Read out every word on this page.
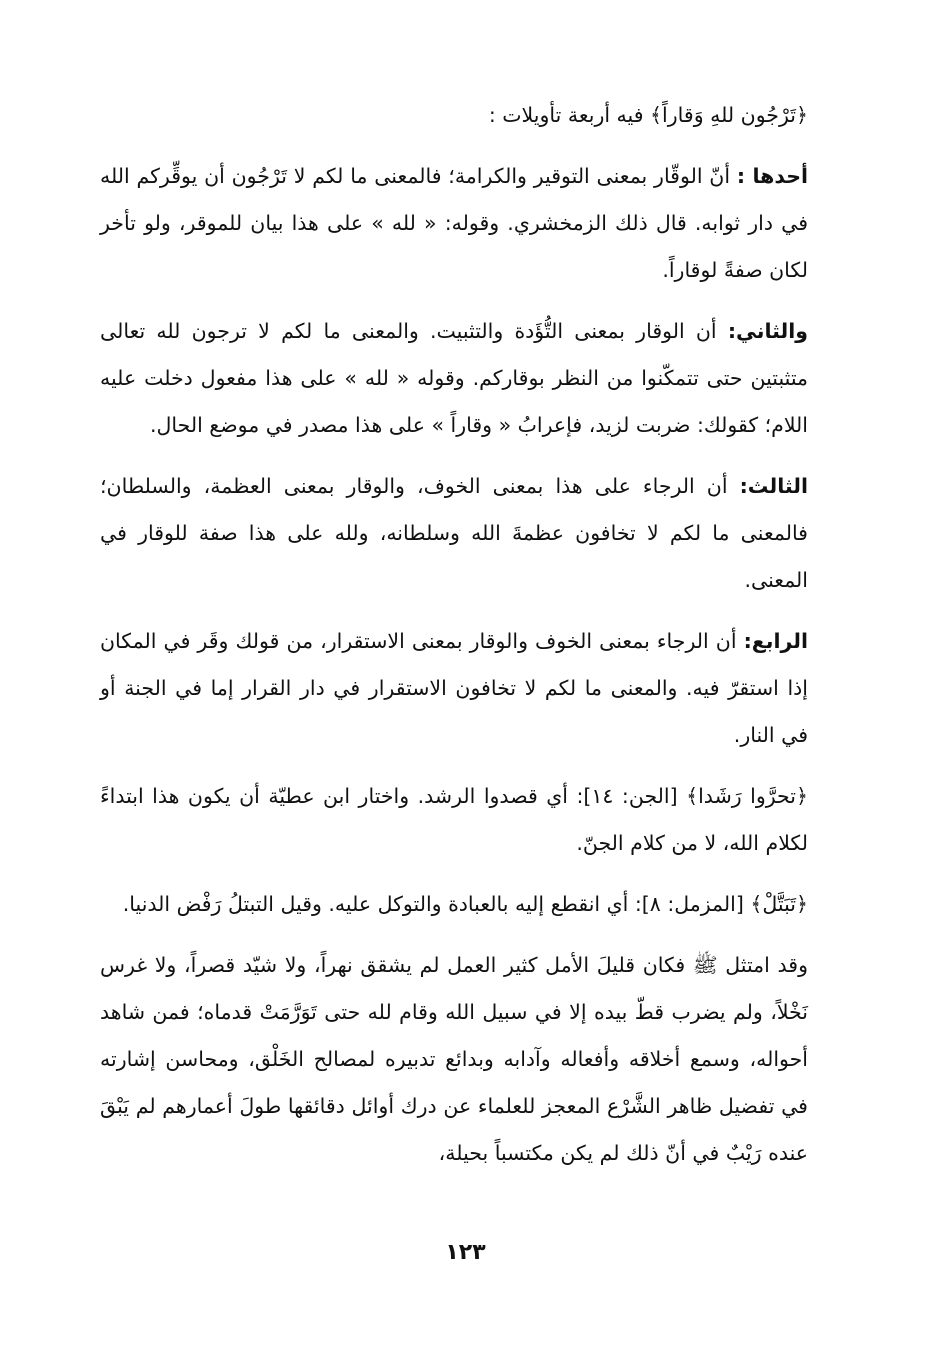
﴿تَرْجُون للهِ وَقاراً﴾ فيه أربعة تأويلات :

أحدها : أنّ الوقّار بمعنى التوقير والكرامة؛ فالمعنى ما لكم لا تَرْجُون أن يوقِّركم الله في دار ثوابه. قال ذلك الزمخشري. وقوله: « لله » على هذا بيان للموقر، ولو تأخر لكان صفةً لوقاراً.

والثاني: أن الوقار بمعنى التُّؤَدة والتثبيت. والمعنى ما لكم لا ترجون لله تعالى متثبتين حتى تتمكّنوا من النظر بوقاركم. وقوله « لله » على هذا مفعول دخلت عليه اللام؛ كقولك: ضربت لزيد، فإعرابُ « وقاراً » على هذا مصدر في موضع الحال.

الثالث: أن الرجاء على هذا بمعنى الخوف، والوقار بمعنى العظمة، والسلطان؛ فالمعنى ما لكم لا تخافون عظمةَ الله وسلطانه، ولله على هذا صفة للوقار في المعنى.

الرابع: أن الرجاء بمعنى الخوف والوقار بمعنى الاستقرار، من قولك وقَر في المكان إذا استقرّ فيه. والمعنى ما لكم لا تخافون الاستقرار في دار القرار إما في الجنة أو في النار.

﴿تحرَّوا رَشَدا﴾ [الجن: ١٤]: أي قصدوا الرشد. واختار ابن عطيّة أن يكون هذا ابتداءً لكلام الله، لا من كلام الجنّ.

﴿تَبَتَّلْ﴾ [المزمل: ٨]: أي انقطع إليه بالعبادة والتوكل عليه. وقيل التبتلُ رَفْض الدنيا.

وقد امتثل ﷺ فكان قليلَ الأمل كثير العمل لم يشقق نهراً، ولا شيّد قصراً، ولا غرس نَخْلاً، ولم يضرب قطّ بيده إلا في سبيل الله وقام لله حتى تَوَرَّمَتْ قدماه؛ فمن شاهد أحواله، وسمع أخلاقه وأفعاله وآدابه وبدائع تدبيره لمصالح الخَلْق، ومحاسن إشارته في تفضيل ظاهر الشَّرْع المعجز للعلماء عن درك أوائل دقائقها طولَ أعمارهم لم يَبْقَ عنده رَيْبٌ في أنّ ذلك لم يكن مكتسباً بحيلة،

١٢٣
